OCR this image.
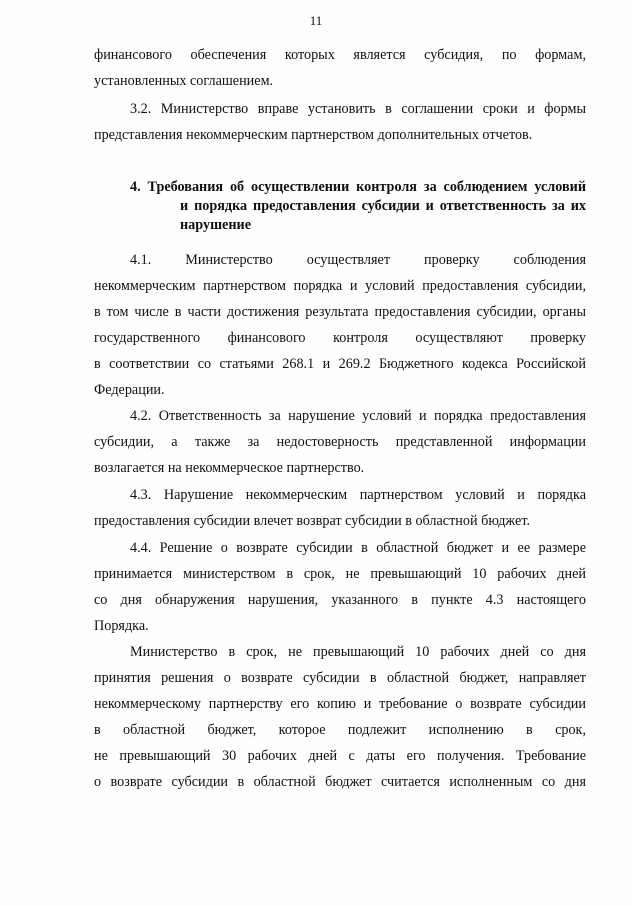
11
финансового обеспечения которых является субсидия, по формам,
установленных соглашением.
3.2. Министерство вправе установить в соглашении сроки и формы
представления некоммерческим партнерством дополнительных отчетов.
4. Требования об осуществлении контроля за соблюдением условий
и порядка предоставления субсидии и ответственность за их
нарушение
4.1. Министерство осуществляет проверку соблюдения
некоммерческим партнерством порядка и условий предоставления субсидии,
в том числе в части достижения результата предоставления субсидии, органы
государственного финансового контроля осуществляют проверку
в соответствии со статьями 268.1 и 269.2 Бюджетного кодекса Российской
Федерации.
4.2. Ответственность за нарушение условий и порядка предоставления
субсидии, а также за недостоверность представленной информации
возлагается на некоммерческое партнерство.
4.3. Нарушение некоммерческим партнерством условий и порядка
предоставления субсидии влечет возврат субсидии в областной бюджет.
4.4. Решение о возврате субсидии в областной бюджет и ее размере
принимается министерством в срок, не превышающий 10 рабочих дней
со дня обнаружения нарушения, указанного в пункте 4.3 настоящего
Порядка.
Министерство в срок, не превышающий 10 рабочих дней со дня
принятия решения о возврате субсидии в областной бюджет, направляет
некоммерческому партнерству его копию и требование о возврате субсидии
в областной бюджет, которое подлежит исполнению в срок,
не превышающий 30 рабочих дней с даты его получения. Требование
о возврате субсидии в областной бюджет считается исполненным со дня
